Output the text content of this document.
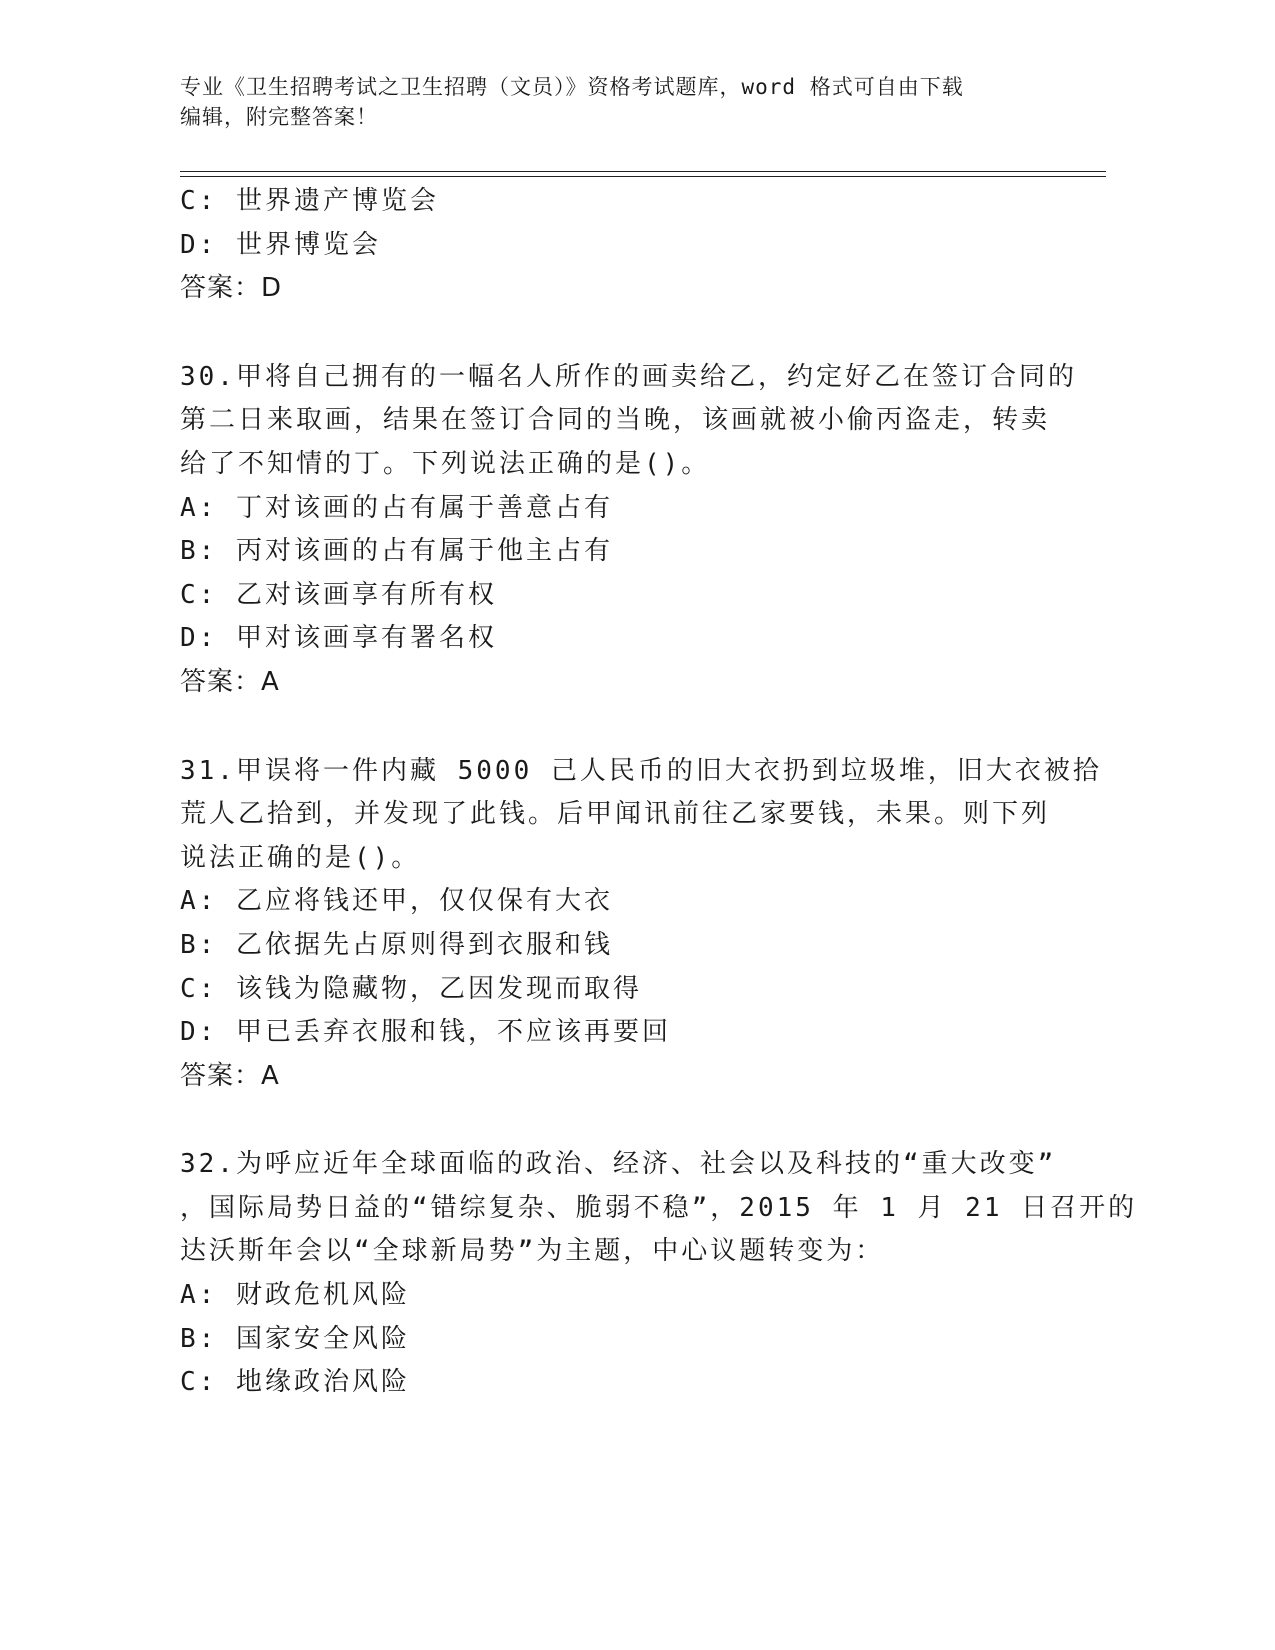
专业《卫生招聘考试之卫生招聘（文员）》资格考试题库，word 格式可自由下载
编辑，附完整答案！
C: 世界遗产博览会
D: 世界博览会
答案：D
30.甲将自己拥有的一幅名人所作的画卖给乙，约定好乙在签订合同的
第二日来取画，结果在签订合同的当晚，该画就被小偷丙盗走，转卖
给了不知情的丁。下列说法正确的是()。
A: 丁对该画的占有属于善意占有
B: 丙对该画的占有属于他主占有
C: 乙对该画享有所有权
D: 甲对该画享有署名权
答案：A
31.甲误将一件内藏 5000 己人民币的旧大衣扔到垃圾堆，旧大衣被拾
荒人乙拾到，并发现了此钱。后甲闻讯前往乙家要钱，未果。则下列
说法正确的是()。
A: 乙应将钱还甲，仅仅保有大衣
B: 乙依据先占原则得到衣服和钱
C: 该钱为隐藏物，乙因发现而取得
D: 甲已丢弃衣服和钱，不应该再要回
答案：A
32.为呼应近年全球面临的政治、经济、社会以及科技的“重大改变”
，国际局势日益的“错综复杂、脆弱不稳”，2015 年 1 月 21 日召开的
达沃斯年会以“全球新局势”为主题，中心议题转变为：
A: 财政危机风险
B: 国家安全风险
C: 地缘政治风险
